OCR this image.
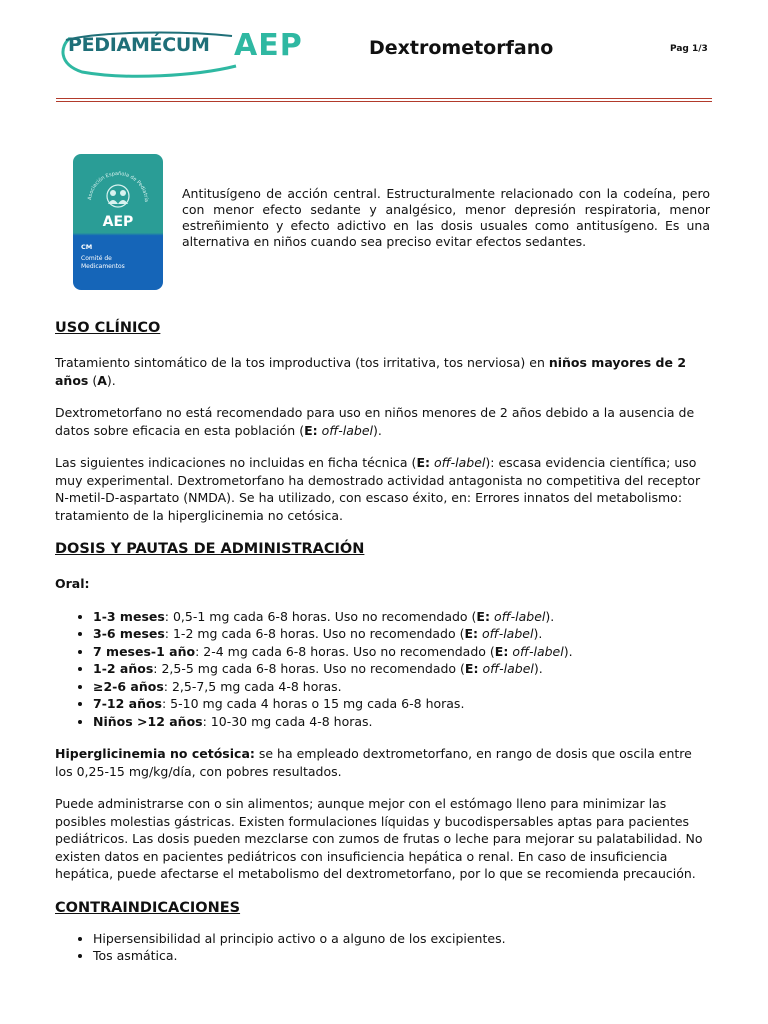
PEDIAMÉCUM AEP	Dextrometorfano	Pag 1/3
Asociación Española de Pediatría
AEP
CM
Comité de
Medicamentos
Antitusígeno de acción central. Estructuralmente relacionado con la codeína, pero con menor efecto sedante y analgésico, menor depresión respiratoria, menor estreñimiento y efecto adictivo en las dosis usuales como antitusígeno. Es una alternativa en niños cuando sea preciso evitar efectos sedantes.
USO CLÍNICO

Tratamiento sintomático de la tos improductiva (tos irritativa, tos nerviosa) en niños mayores de 2 años (A).

Dextrometorfano no está recomendado para uso en niños menores de 2 años debido a la ausencia de datos sobre eficacia en esta población (E: off-label).

Las siguientes indicaciones no incluidas en ficha técnica (E: off-label): escasa evidencia científica; uso muy experimental. Dextrometorfano ha demostrado actividad antagonista no competitiva del receptor N-metil-D-aspartato (NMDA). Se ha utilizado, con escaso éxito, en: Errores innatos del metabolismo: tratamiento de la hiperglicinemia no cetósica.

DOSIS Y PAUTAS DE ADMINISTRACIÓN

Oral:

• 1-3 meses: 0,5-1 mg cada 6-8 horas. Uso no recomendado (E: off-label).
• 3-6 meses: 1-2 mg cada 6-8 horas. Uso no recomendado (E: off-label).
• 7 meses-1 año: 2-4 mg cada 6-8 horas. Uso no recomendado (E: off-label).
• 1-2 años: 2,5-5 mg cada 6-8 horas. Uso no recomendado (E: off-label).
• ≥2-6 años: 2,5-7,5 mg cada 4-8 horas.
• 7-12 años: 5-10 mg cada 4 horas o 15 mg cada 6-8 horas.
• Niños >12 años: 10-30 mg cada 4-8 horas.

Hiperglicinemia no cetósica: se ha empleado dextrometorfano, en rango de dosis que oscila entre los 0,25-15 mg/kg/día, con pobres resultados.

Puede administrarse con o sin alimentos; aunque mejor con el estómago lleno para minimizar las posibles molestias gástricas. Existen formulaciones líquidas y bucodispersables aptas para pacientes pediátricos. Las dosis pueden mezclarse con zumos de frutas o leche para mejorar su palatabilidad. No existen datos en pacientes pediátricos con insuficiencia hepática o renal. En caso de insuficiencia hepática, puede afectarse el metabolismo del dextrometorfano, por lo que se recomienda precaución.

CONTRAINDICACIONES
• Hipersensibilidad al principio activo o a alguno de los excipientes.
• Tos asmática.
